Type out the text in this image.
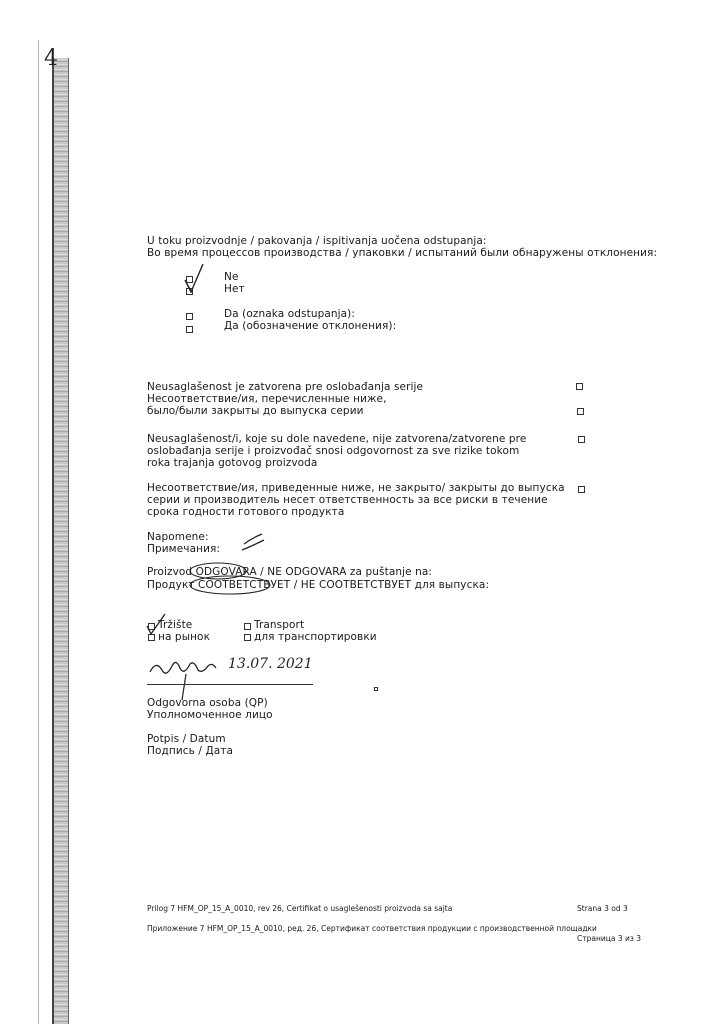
4
U toku proizvodnje / pakovanja / ispitivanja uočena odstupanja:
Во время процессов производства / упаковки / испытаний были обнаружены отклонения:
Ne
Нет
Da (oznaka odstupanja):
Да (обозначение отклонения):
Neusaglašenost je zatvorena pre oslobađanja serije
Несоответствие/ия, перечисленные ниже,
было/были закрыты до выпуска серии
Neusaglašenost/i, koje su dole navedene, nije zatvorena/zatvorene pre
oslobađanja serije i proizvođač snosi odgovornost za sve rizike tokom
roka trajanja gotovog proizvoda
Несоответствие/ия, приведенные ниже, не закрыто/ закрыты до выпуска
серии и производитель несет ответственность за все риски в течение
срока годности готового продукта
Napomene:
Примечания:
Proizvod ODGOVARA / NE ODGOVARA za puštanje na:
Продукт СООТВЕТСТВУЕТ / НЕ СООТВЕТСТВУЕТ для выпуска:
Tržište
на рынок
Transport
для транспортировки
13.07. 2021
Odgovorna osoba (QP)
Уполномоченное лицо
Potpis / Datum
Подпись / Дата
Prilog 7 HFM_OP_15_A_0010, rev 26, Certifikat o usaglešenosti proizvoda sa sajta	Strana 3 od 3
Приложение 7 HFM_OP_15_A_0010, ред. 26, Сертификат соответствия продукции с производственной площадки
Страница 3 из 3
